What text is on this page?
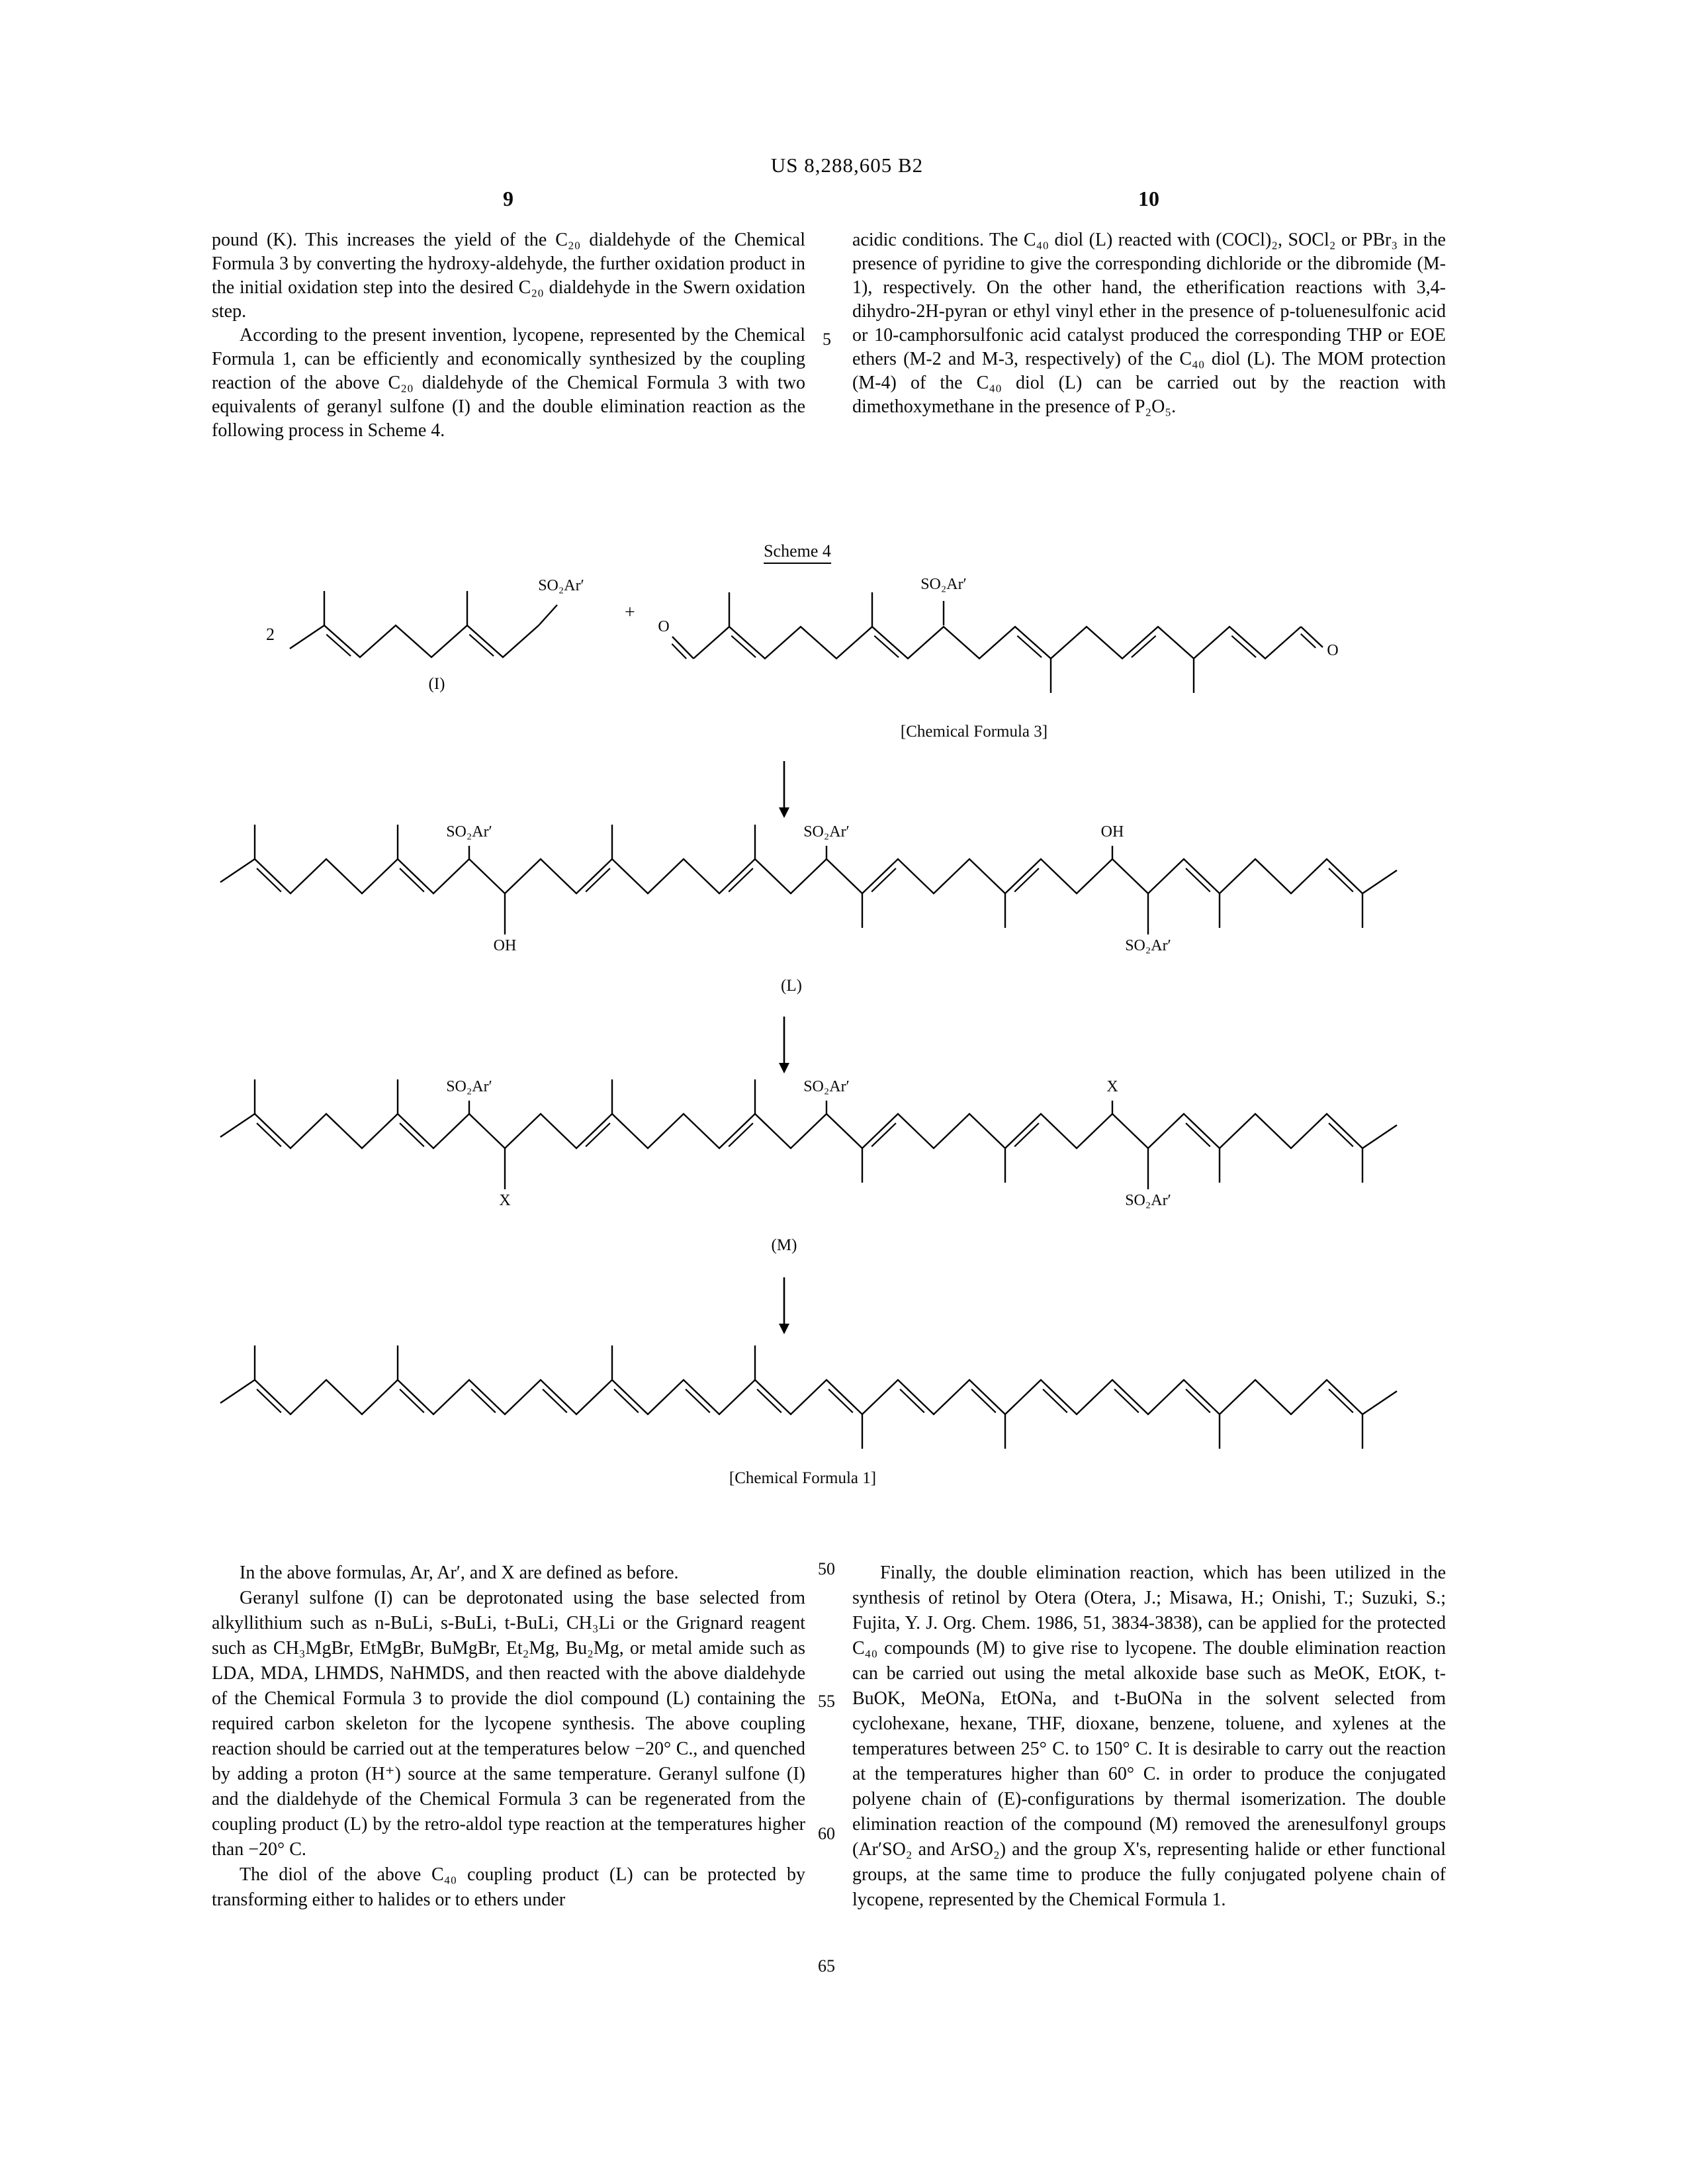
US 8,288,605 B2
9	10

pound (K). This increases the yield of the C₂₀ dialdehyde of the Chemical Formula 3 by converting the hydroxy-aldehyde, the further oxidation product in the initial oxidation step into the desired C₂₀ dialdehyde in the Swern oxidation step.

According to the present invention, lycopene, represented by the Chemical Formula 1, can be efficiently and economically synthesized by the coupling reaction of the above C₂₀ dialdehyde of the Chemical Formula 3 with two equivalents of geranyl sulfone (I) and the double elimination reaction as the following process in Scheme 4.

acidic conditions. The C₄₀ diol (L) reacted with (COCl)₂, SOCl₂ or PBr₃ in the presence of pyridine to give the corresponding dichloride or the dibromide (M-1), respectively. On the other hand, the etherification reactions with 3,4-dihydro-2H-pyran or ethyl vinyl ether in the presence of p-toluenesulfonic acid or 10-camphorsulfonic acid catalyst produced the corresponding THP or EOE ethers (M-2 and M-3, respectively) of the C₄₀ diol (L). The MOM protection (M-4) of the C₄₀ diol (L) can be carried out by the reaction with dimethoxymethane in the presence of P₂O₅.

5
50
55
60
65
Scheme 4
2
+
SO₂Ar′
(I)
O
SO₂Ar′
O
[Chemical Formula 3]
SO₂Ar′	SO₂Ar′	OH
OH	SO₂Ar′
(L)
SO₂Ar′	SO₂Ar′	X
X	SO₂Ar′
(M)
[Chemical Formula 1]

In the above formulas, Ar, Ar′, and X are defined as before.

Geranyl sulfone (I) can be deprotonated using the base selected from alkyllithium such as n-BuLi, s-BuLi, t-BuLi, CH₃Li or the Grignard reagent such as CH₃MgBr, EtMgBr, BuMgBr, Et₂Mg, Bu₂Mg, or metal amide such as LDA, MDA, LHMDS, NaHMDS, and then reacted with the above dialdehyde of the Chemical Formula 3 to provide the diol compound (L) containing the required carbon skeleton for the lycopene synthesis. The above coupling reaction should be carried out at the temperatures below −20° C., and quenched by adding a proton (H⁺) source at the same temperature. Geranyl sulfone (I) and the dialdehyde of the Chemical Formula 3 can be regenerated from the coupling product (L) by the retro-aldol type reaction at the temperatures higher than −20° C.

The diol of the above C₄₀ coupling product (L) can be protected by transforming either to halides or to ethers under

Finally, the double elimination reaction, which has been utilized in the synthesis of retinol by Otera (Otera, J.; Misawa, H.; Onishi, T.; Suzuki, S.; Fujita, Y. J. Org. Chem. 1986, 51, 3834-3838), can be applied for the protected C₄₀ compounds (M) to give rise to lycopene. The double elimination reaction can be carried out using the metal alkoxide base such as MeOK, EtOK, t-BuOK, MeONa, EtONa, and t-BuONa in the solvent selected from cyclohexane, hexane, THF, dioxane, benzene, toluene, and xylenes at the temperatures between 25° C. to 150° C. It is desirable to carry out the reaction at the temperatures higher than 60° C. in order to produce the conjugated polyene chain of (E)-configurations by thermal isomerization. The double elimination reaction of the compound (M) removed the arenesulfonyl groups (Ar′SO₂ and ArSO₂) and the group X's, representing halide or ether functional groups, at the same time to produce the fully conjugated polyene chain of lycopene, represented by the Chemical Formula 1.
